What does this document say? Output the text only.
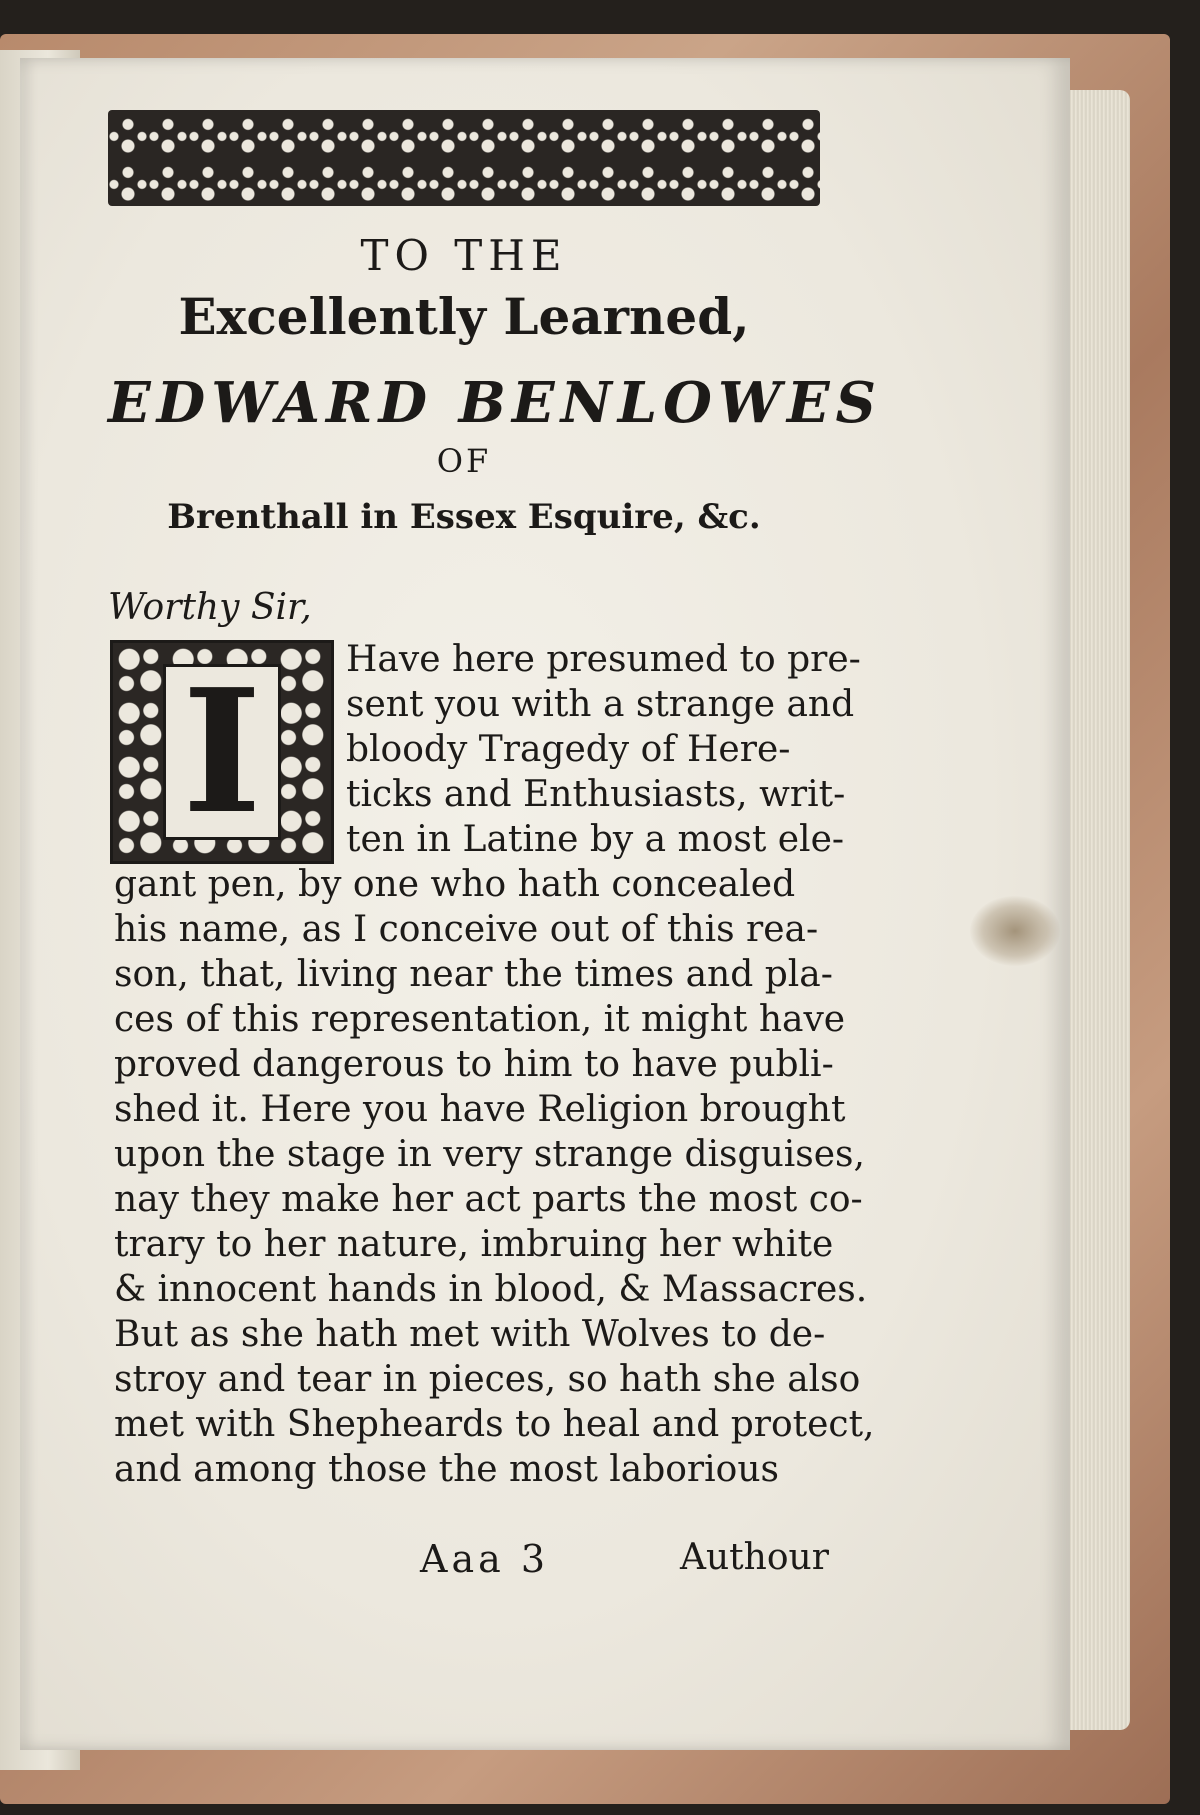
TO THE
Excellently Learned,
EDWARD BENLOWES
OF
Brenthall in Essex Esquire, &c.
Worthy Sir,
I	Have here presumed to pre-
sent you with a strange and
bloody Tragedy of Here-
ticks and Enthusiasts, writ-
ten in Latine by a most ele-
gant pen, by one who hath concealed
his name, as I conceive out of this rea-
son, that, living near the times and pla-
ces of this representation, it might have
proved dangerous to him to have publi-
shed it. Here you have Religion brought
upon the stage in very strange disguises,
nay they make her act parts the most co-
trary to her nature, imbruing her white
& innocent hands in blood, & Massacres.
But as she hath met with Wolves to de-
stroy and tear in pieces, so hath she also
met with Shepheards to heal and protect,
and among those the most laborious
Aaa 3	Authour
